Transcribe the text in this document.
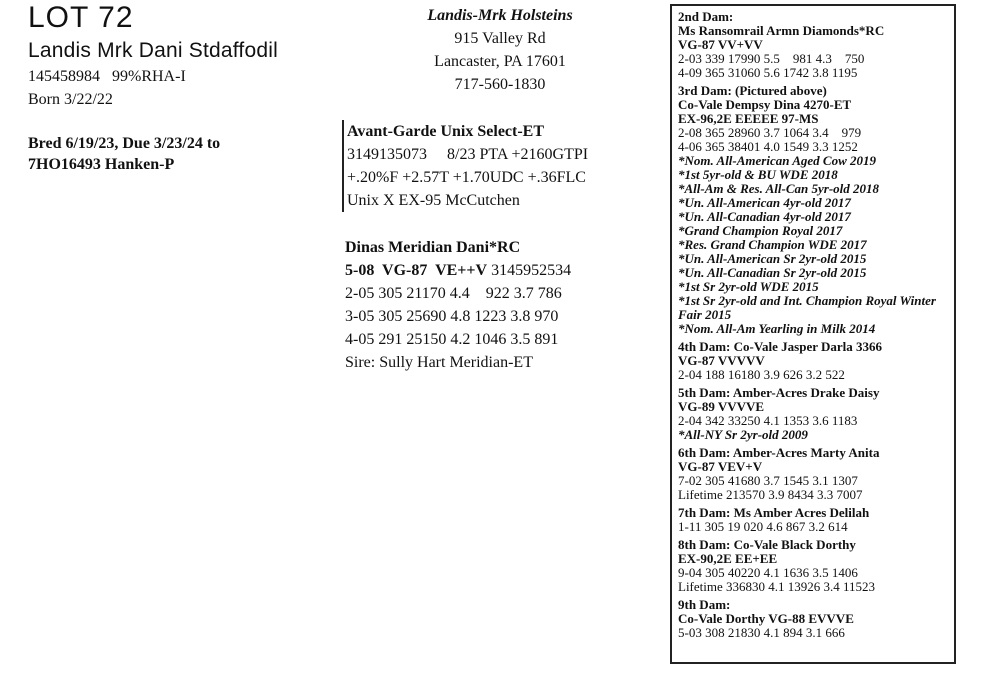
LOT 72
Landis Mrk Dani Stdaffodil
145458984   99%RHA-I
Born 3/22/22
Bred 6/19/23, Due 3/23/24 to
7HO16493 Hanken-P
Landis-Mrk Holsteins
915 Valley Rd
Lancaster, PA 17601
717-560-1830
Avant-Garde Unix Select-ET
3149135073     8/23 PTA +2160GTPI
+.20%F +2.57T +1.70UDC +.36FLC
Unix X EX-95 McCutchen
Dinas Meridian Dani*RC
5-08  VG-87  VE++V 3145952534
2-05 305 21170 4.4    922 3.7 786
3-05 305 25690 4.8 1223 3.8 970
4-05 291 25150 4.2 1046 3.5 891
Sire: Sully Hart Meridian-ET
2nd Dam:
Ms Ransomrail Armn Diamonds*RC
VG-87 VV+VV
2-03 339 17990 5.5    981 4.3    750
4-09 365 31060 5.6 1742 3.8 1195
3rd Dam: (Pictured above)
Co-Vale Dempsy Dina 4270-ET
EX-96,2E EEEEE 97-MS
2-08 365 28960 3.7 1064 3.4    979
4-06 365 38401 4.0 1549 3.3 1252
*Nom. All-American Aged Cow 2019
*1st 5yr-old & BU WDE 2018
*All-Am & Res. All-Can 5yr-old 2018
*Un. All-American 4yr-old 2017
*Un. All-Canadian 4yr-old 2017
*Grand Champion Royal 2017
*Res. Grand Champion WDE 2017
*Un. All-American Sr 2yr-old 2015
*Un. All-Canadian Sr 2yr-old 2015
*1st Sr 2yr-old WDE 2015
*1st Sr 2yr-old and Int. Champion Royal Winter Fair 2015
*Nom. All-Am Yearling in Milk 2014
4th Dam: Co-Vale Jasper Darla 3366
VG-87 VVVVV
2-04 188 16180 3.9 626 3.2 522
5th Dam: Amber-Acres Drake Daisy
VG-89 VVVVE
2-04 342 33250 4.1 1353 3.6 1183
*All-NY Sr 2yr-old 2009
6th Dam: Amber-Acres Marty Anita
VG-87 VEV+V
7-02 305 41680 3.7 1545 3.1 1307
Lifetime 213570 3.9 8434 3.3 7007
7th Dam: Ms Amber Acres Delilah
1-11 305 19 020 4.6 867 3.2 614
8th Dam: Co-Vale Black Dorthy
EX-90,2E EE+EE
9-04 305 40220 4.1 1636 3.5 1406
Lifetime 336830 4.1 13926 3.4 11523
9th Dam:
Co-Vale Dorthy VG-88 EVVVE
5-03 308 21830 4.1 894 3.1 666
